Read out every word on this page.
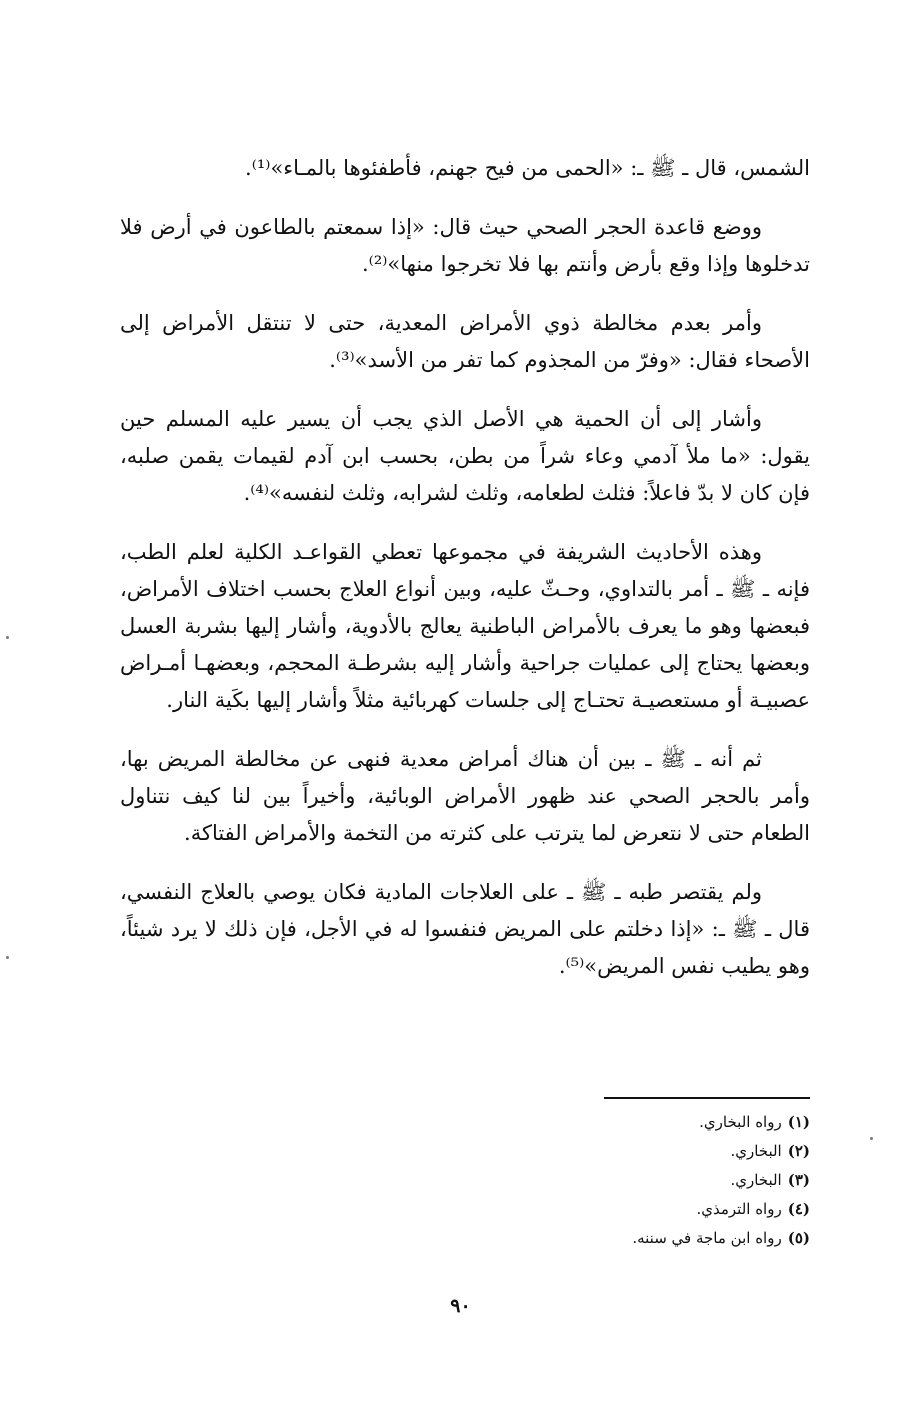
الشمس، قال ـ ﷺ ـ: «الحمى من فيح جهنم، فأطفئوها بالمـاء»⁽¹⁾.

ووضع قاعدة الحجر الصحي حيث قال: «إذا سمعتم بالطاعون في أرض فلا تدخلوها وإذا وقع بأرض وأنتم بها فلا تخرجوا منها»⁽²⁾.

وأمر بعدم مخالطة ذوي الأمراض المعدية، حتى لا تنتقل الأمراض إلى الأصحاء فقال: «وفرّ من المجذوم كما تفر من الأسد»⁽³⁾.

وأشار إلى أن الحمية هي الأصل الذي يجب أن يسير عليه المسلم حين يقول: «ما ملأ آدمي وعاء شراً من بطن، بحسب ابن آدم لقيمات يقمن صلبه، فإن كان لا بدّ فاعلاً: فثلث لطعامه، وثلث لشرابه، وثلث لنفسه»⁽⁴⁾.

وهذه الأحاديث الشريفة في مجموعها تعطي القواعـد الكلية لعلم الطب، فإنه ـ ﷺ ـ أمر بالتداوي، وحـثّ عليه، وبين أنواع العلاج بحسب اختلاف الأمراض، فبعضها وهو ما يعرف بالأمراض الباطنية يعالج بالأدوية، وأشار إليها بشربة العسل وبعضها يحتاج إلى عمليات جراحية وأشار إليه بشرطـة المحجم، وبعضهـا أمـراض عصبيـة أو مستعصيـة تحتـاج إلى جلسات كهربائية مثلاً وأشار إليها بكَية النار.

ثم أنه ـ ﷺ ـ بين أن هناك أمراض معدية فنهى عن مخالطة المريض بها، وأمر بالحجر الصحي عند ظهور الأمراض الوبائية، وأخيراً بين لنا كيف نتناول الطعام حتى لا نتعرض لما يترتب على كثرته من التخمة والأمراض الفتاكة.

ولم يقتصر طبه ـ ﷺ ـ على العلاجات المادية فكان يوصي بالعلاج النفسي، قال ـ ﷺ ـ: «إذا دخلتم على المريض فنفسوا له في الأجل، فإن ذلك لا يرد شيئاً، وهو يطيب نفس المريض»⁽⁵⁾.

(١)رواه البخاري.
(٢)البخاري.
(٣)البخاري.
(٤)رواه الترمذي.
(٥)رواه ابن ماجة في سننه.
٩٠
